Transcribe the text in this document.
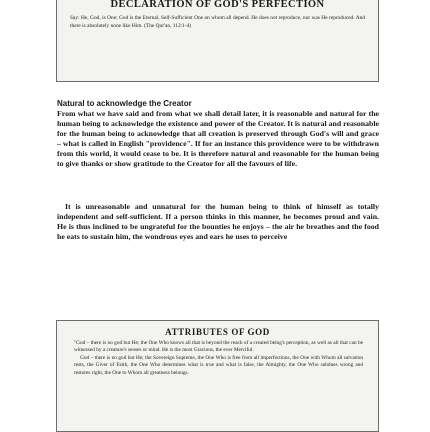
DECLARATION OF GOD'S PERFECTION
Say: He, God, is One; God is the Eternal, Self-Sufficient One on whom all depend. He does not reproduce, nor was He reproduced. And there is absolutely none like Him. (The Qur'an, 112:1-4)
Natural to acknowledge the Creator
From what we have said and from what we shall detail later, it is reasonable and natural for the human being to acknowledge the existence and power of the Creator. It is natural and reasonable for the human being to acknowledge that all creation is preserved through God's will and grace – what is called in English "providence". If for an instance this providence were to be withdrawn from this world, it would cease to be. It is therefore natural and reasonable for the human being to give thanks or show gratitude to the Creator for all the favours of life.
It is unreasonable and unnatural for the human being to think of himself as totally independent and self-sufficient. If a person thinks in this manner, he becomes proud and vain. He is thus inclined to be ungrateful for the bounties he enjoys – the air he breathes and the food he eats to sustain him, the wondrous eyes and ears he uses to perceive
ATTRIBUTES OF GOD

"God – there is no god but He; the One Who knows all that is beyond the reach of a created being's perception, as well as all that can be witnessed by a creature's senses or mind. He is the most Gracious, the ever Merciful.

God – there is no god but He; the Sovereign Supreme, the One Who is free from all imperfections, the One with Whom all salvation rests, the Giver of Faith, the One Who determines what is true and what is false, the Almighty, the One Who subdues wrong and restores right, the One to Whom all greatness belongs.
